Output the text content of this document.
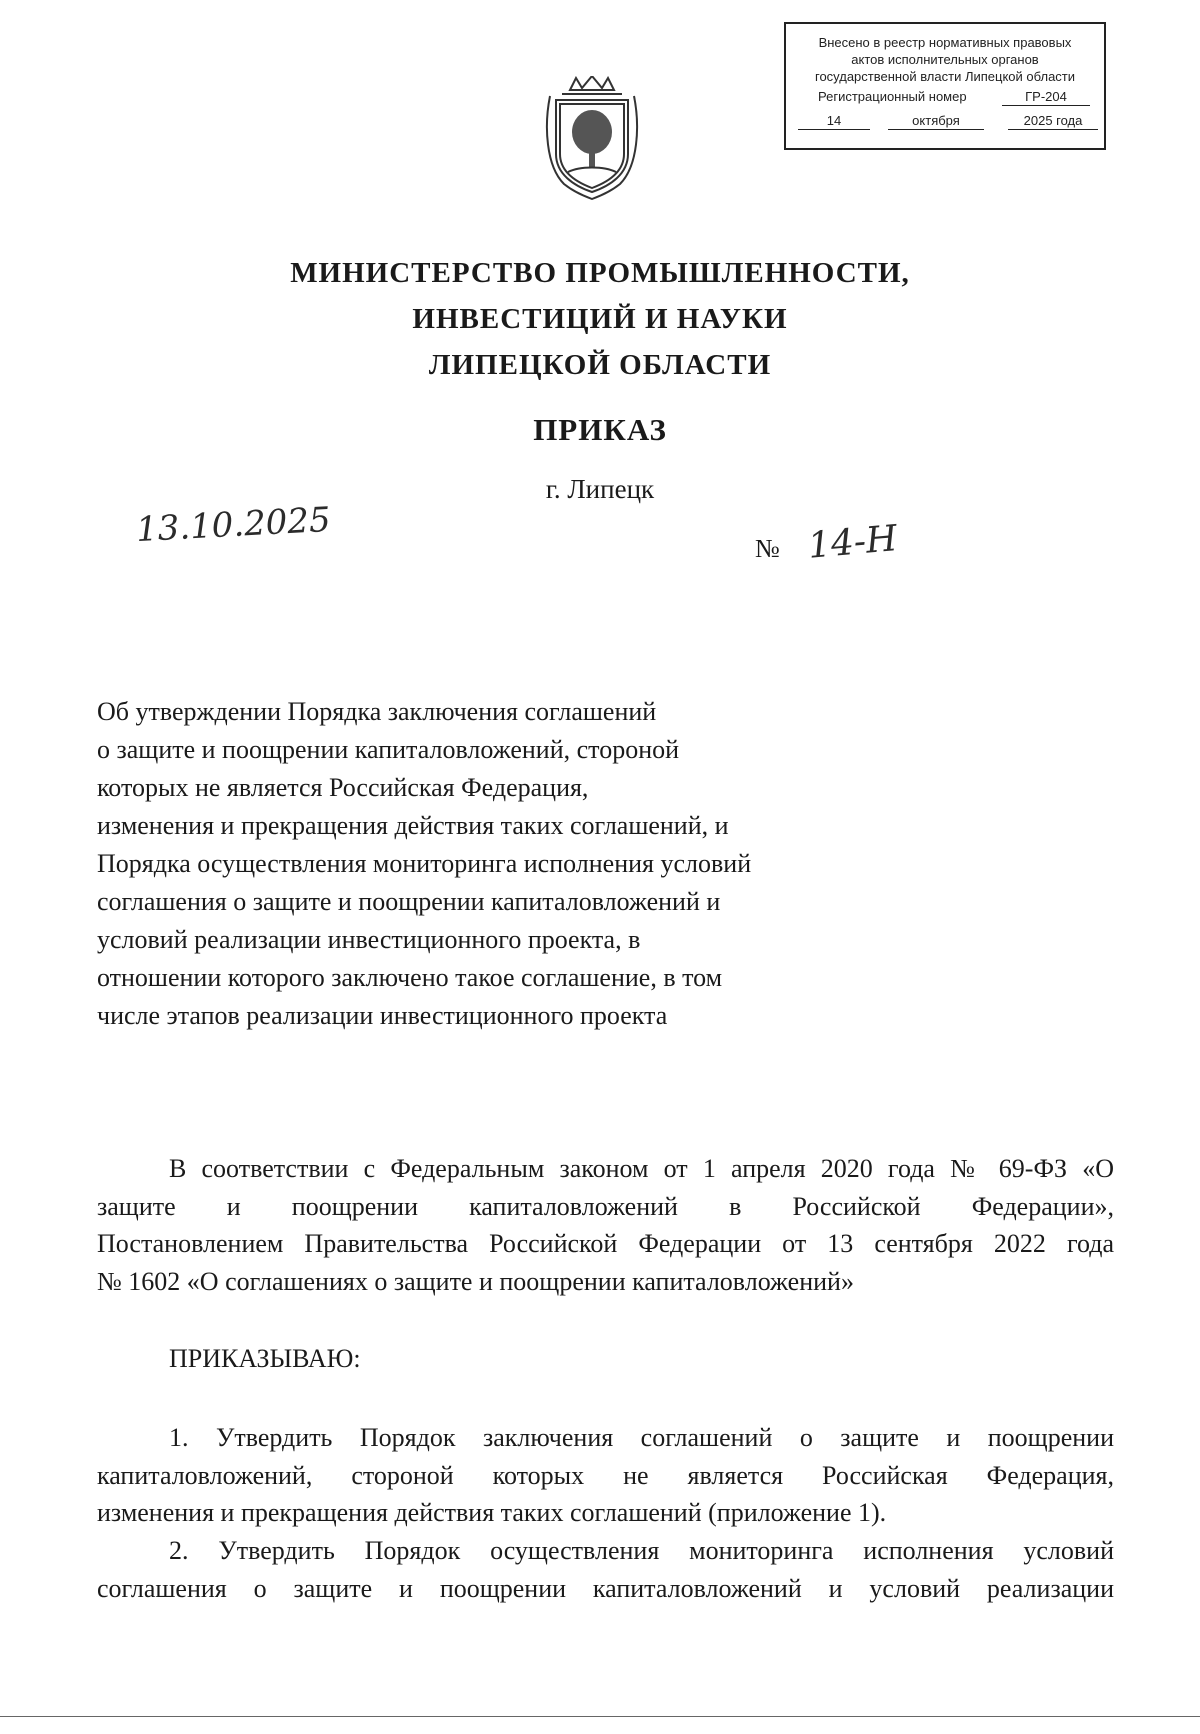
Внесено в реестр нормативных правовых
актов исполнительных органов
государственной власти Липецкой области
Регистрационный номер	ГР-204
14	октября	2025 года
МИНИСТЕРСТВО ПРОМЫШЛЕННОСТИ,
ИНВЕСТИЦИЙ И НАУКИ
ЛИПЕЦКОЙ ОБЛАСТИ
ПРИКАЗ
г. Липецк
13.10.2025	№ 14-Н
Об утверждении Порядка заключения соглашений
о защите и поощрении капиталовложений, стороной
которых не является Российская Федерация,
изменения и прекращения действия таких соглашений, и
Порядка осуществления мониторинга исполнения условий
соглашения о защите и поощрении капиталовложений и
условий реализации инвестиционного проекта, в
отношении которого заключено такое соглашение, в том
числе этапов реализации инвестиционного проекта
В соответствии с Федеральным законом от 1 апреля 2020 года № 69-ФЗ «О
защите и поощрении капиталовложений в Российской Федерации»,
Постановлением Правительства Российской Федерации от 13 сентября 2022 года
№ 1602 «О соглашениях о защите и поощрении капиталовложений»
ПРИКАЗЫВАЮ:
1. Утвердить Порядок заключения соглашений о защите и поощрении
капиталовложений, стороной которых не является Российская Федерация,
изменения и прекращения действия таких соглашений (приложение 1).
2. Утвердить Порядок осуществления мониторинга исполнения условий
соглашения о защите и поощрении капиталовложений и условий реализации
